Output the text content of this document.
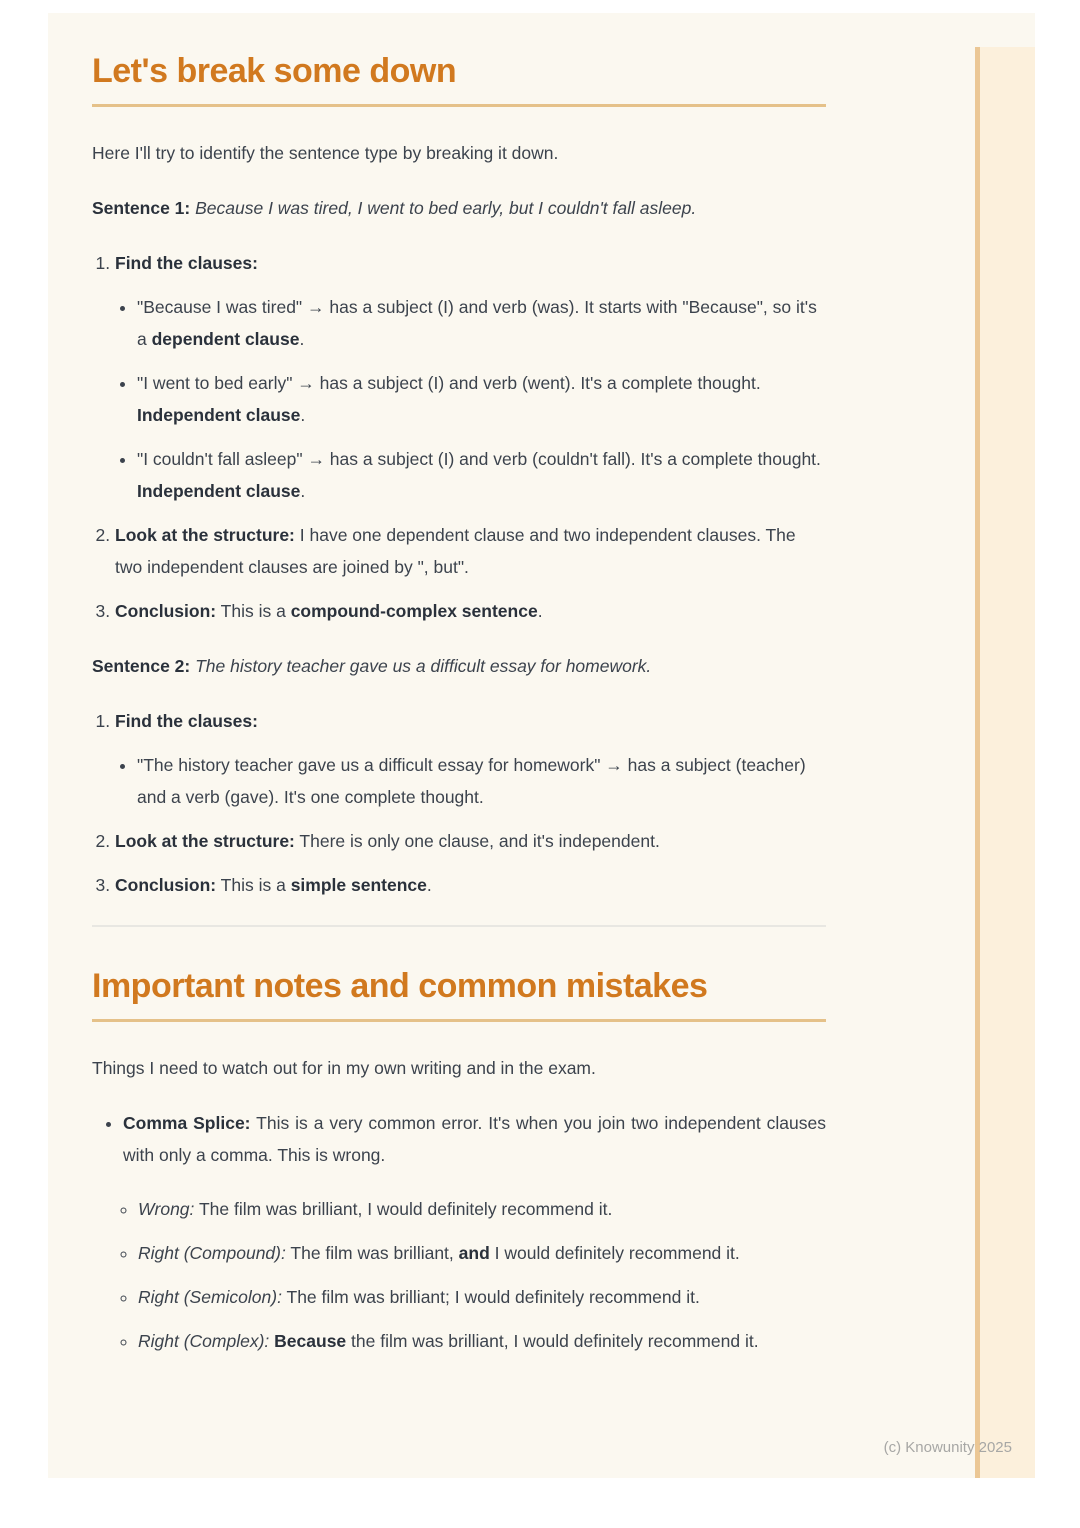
Let's break some down

Here I'll try to identify the sentence type by breaking it down.

Sentence 1: Because I was tired, I went to bed early, but I couldn't fall asleep.

1. Find the clauses:
• "Because I was tired" → has a subject (I) and verb (was). It starts with "Because", so it's a dependent clause.
• "I went to bed early" → has a subject (I) and verb (went). It's a complete thought. Independent clause.
• "I couldn't fall asleep" → has a subject (I) and verb (couldn't fall). It's a complete thought. Independent clause.
2. Look at the structure: I have one dependent clause and two independent clauses. The two independent clauses are joined by ", but".
3. Conclusion: This is a compound-complex sentence.

Sentence 2: The history teacher gave us a difficult essay for homework.

1. Find the clauses:
• "The history teacher gave us a difficult essay for homework" → has a subject (teacher) and a verb (gave). It's one complete thought.
2. Look at the structure: There is only one clause, and it's independent.
3. Conclusion: This is a simple sentence.
Important notes and common mistakes

Things I need to watch out for in my own writing and in the exam.

• Comma Splice: This is a very common error. It's when you join two independent clauses with only a comma. This is wrong.
◦ Wrong: The film was brilliant, I would definitely recommend it.
◦ Right (Compound): The film was brilliant, and I would definitely recommend it.
◦ Right (Semicolon): The film was brilliant; I would definitely recommend it.
◦ Right (Complex): Because the film was brilliant, I would definitely recommend it.
(c) Knowunity 2025
